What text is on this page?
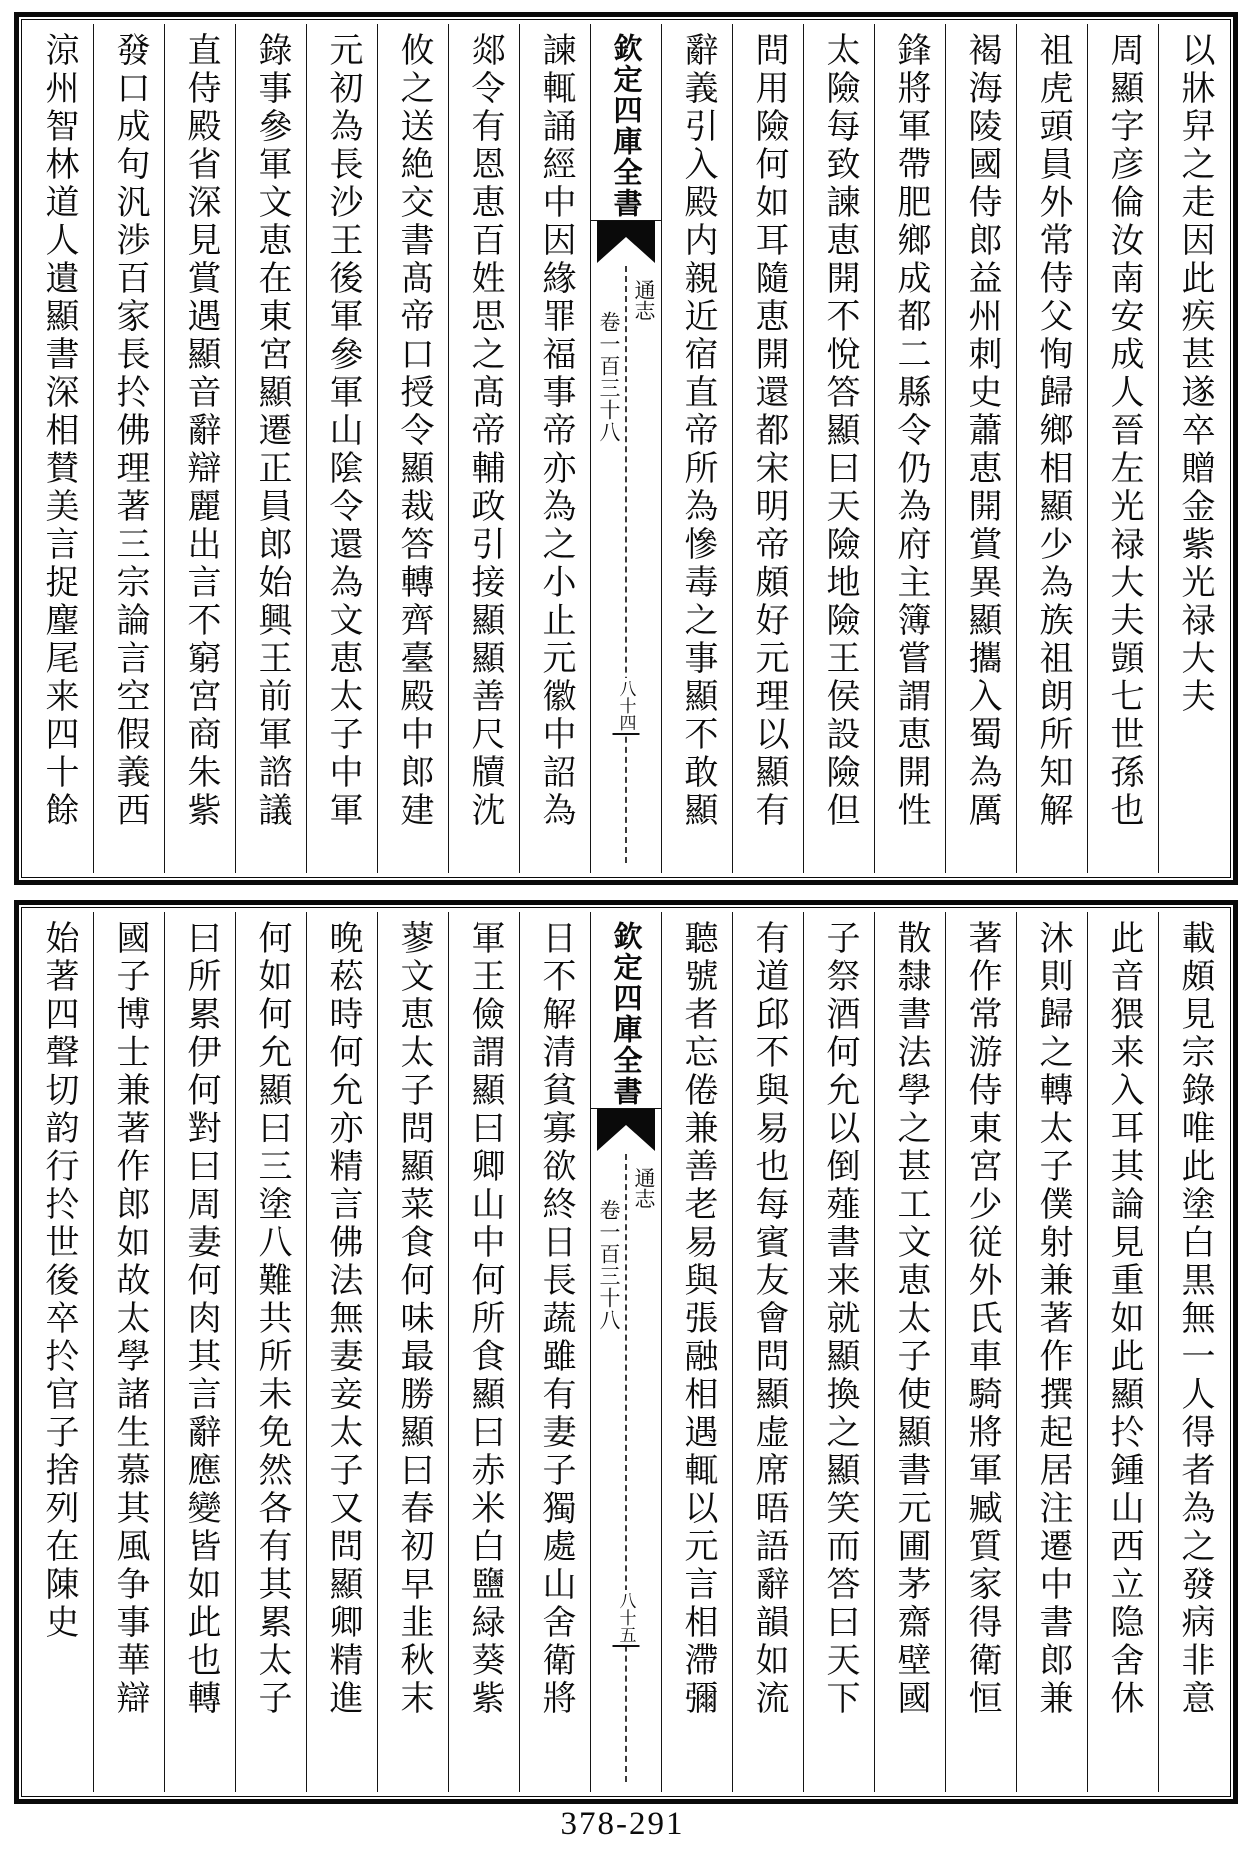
以牀舁之走因此疾甚遂卒贈金紫光禄大夫
周顯字彦倫汝南安成人晉左光禄大夫顗七世孫也
祖虎頭員外常侍父恂歸鄉相顯少為族祖朗所知解
褐海陵國侍郎益州刺史蕭恵開賞異顯攜入蜀為厲
鋒將軍帶肥鄉成都二縣令仍為府主簿嘗謂恵開性
太險每致諫恵開不悅答顯曰天險地險王侯設險但
問用險何如耳隨恵開還都宋明帝頗好元理以顯有
辭義引入殿内親近宿直帝所為慘毒之事顯不敢顯
欽定四庫全書
通志
卷一百三十八
八十四
諫輒誦經中因緣罪福事帝亦為之小止元徽中詔為
郯令有恩恵百姓思之髙帝輔政引接顯顯善尺牘沈
攸之送絶交書髙帝口授令顯裁答轉齊臺殿中郎建
元初為長沙王後軍參軍山隂令還為文恵太子中軍
錄事參軍文恵在東宮顯遷正員郎始興王前軍諮議
直侍殿省深見賞遇顯音辭辯麗出言不窮宮商朱紫
發口成句汎渉百家長扵佛理著三宗論言空假義西
涼州智林道人遺顯書深相賛美言捉麈尾来四十餘
載頗見宗錄唯此塗白黒無一人得者為之發病非意
此音猥来入耳其論見重如此顯扵鍾山西立隐舍休
沐則歸之轉太子僕射兼著作撰起居注遷中書郎兼
著作常游侍東宮少従外氏車騎將軍臧質家得衛恒
散隸書法學之甚工文恵太子使顯書元圃茅齋壁國
子祭酒何允以倒薤書来就顯換之顯笑而答曰天下
有道邱不與易也每賓友會問顯虚席晤語辭韻如流
聽號者忘倦兼善老易與張融相遇輒以元言相滯彌
欽定四庫全書
通志
卷一百三十八
八十五
日不解清貧寡欲終日長蔬雖有妻子獨處山舍衛將
軍王儉謂顯曰卿山中何所食顯曰赤米白鹽緑葵紫
蓼文恵太子問顯菜食何味最勝顯曰春初早韭秋末
晚菘時何允亦精言佛法無妻妾太子又問顯卿精進
何如何允顯曰三塗八難共所未免然各有其累太子
曰所累伊何對曰周妻何肉其言辭應變皆如此也轉
國子博士兼著作郎如故太學諸生慕其風争事華辯
始著四聲切韵行扵世後卒扵官子捨列在陳史
378-291
